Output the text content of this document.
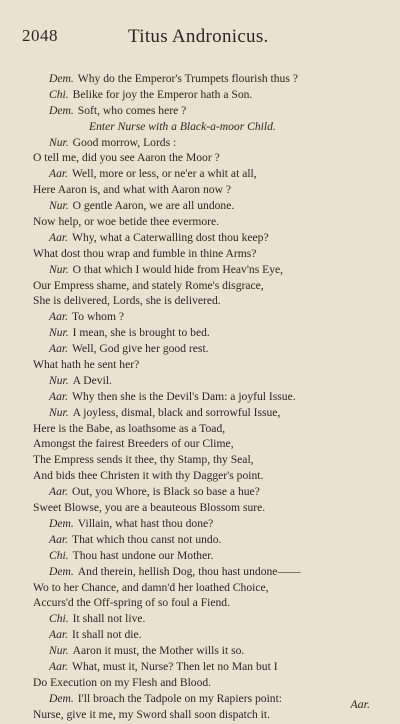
2048	Titus Andronicus.
Dem. Why do the Emperor's Trumpets flourish thus ?
Chi. Belike for joy the Emperor hath a Son.
Dem. Soft, who comes here ?
Enter Nurse with a Black-a-moor Child.
Nur. Good morrow, Lords :
O tell me, did you see Aaron the Moor ?
Aar. Well, more or less, or ne'er a whit at all,
Here Aaron is, and what with Aaron now ?
Nur. O gentle Aaron, we are all undone.
Now help, or woe betide thee evermore.
Aar. Why, what a Caterwalling dost thou keep?
What dost thou wrap and fumble in thine Arms?
Nur. O that which I would hide from Heav'ns Eye,
Our Empress shame, and stately Rome's disgrace,
She is delivered, Lords, she is delivered.
Aar. To whom ?
Nur. I mean, she is brought to bed.
Aar. Well, God give her good rest.
What hath he sent her?
Nur. A Devil.
Aar. Why then she is the Devil's Dam: a joyful Issue.
Nur. A joyless, dismal, black and sorrowful Issue,
Here is the Babe, as loathsome as a Toad,
Amongst the fairest Breeders of our Clime,
The Empress sends it thee, thy Stamp, thy Seal,
And bids thee Christen it with thy Dagger's point.
Aar. Out, you Whore, is Black so base a hue?
Sweet Blowse, you are a beauteous Blossom sure.
Dem. Villain, what hast thou done?
Aar. That which thou canst not undo.
Chi. Thou hast undone our Mother.
Dem. And therein, hellish Dog, thou hast undone——
Wo to her Chance, and damn'd her loathed Choice,
Accurs'd the Off-spring of so foul a Fiend.
Chi. It shall not live.
Aar. It shall not die.
Nur. Aaron it must, the Mother wills it so.
Aar. What, must it, Nurse? Then let no Man but I
Do Execution on my Flesh and Blood.
Dem. I'll broach the Tadpole on my Rapiers point:
Nurse, give it me, my Sword shall soon dispatch it.
Aar.
